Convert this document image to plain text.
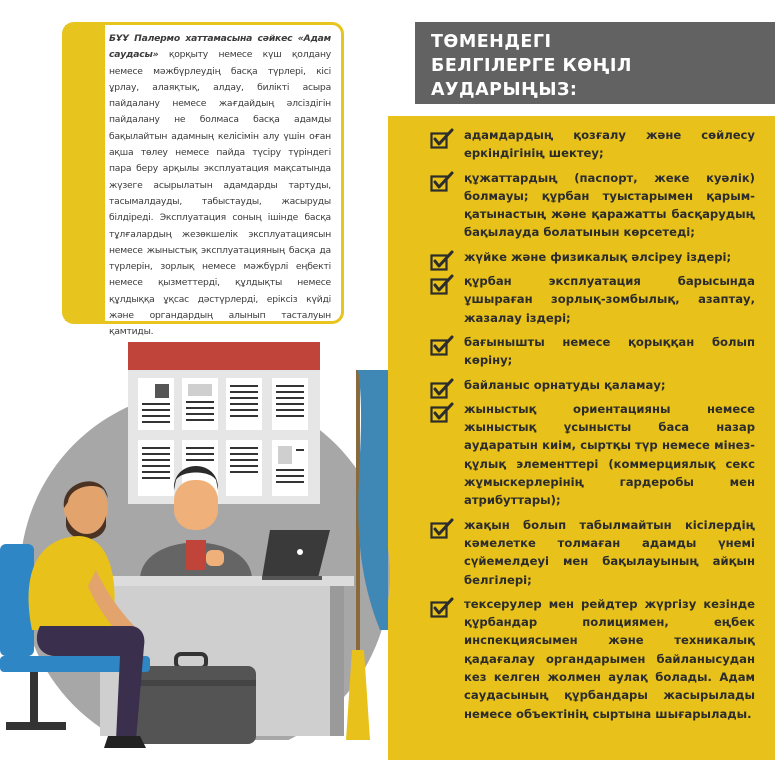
БҰҰ Палермо хаттамасына сәйкес «Адам саудасы» қорқыту немесе күш қолдану немесе мәжбүрлеудің басқа түрлері, кісі ұрлау, алаяқтық, алдау, билікті асыра пайдалану немесе жағдайдың әлсіздігін пайдалану не болмаса басқа адамды бақылайтын адамның келісімін алу үшін оған ақша төлеу немесе пайда түсіру түріндегі пара беру арқылы эксплуатация мақсатында жүзеге асырылатын адамдарды тартуды, тасымалдауды, табыстауды, жасыруды білдіреді. Эксплуатация соның ішінде басқа тұлғалардың жезөкшелік эксплуатациясын немесе жыныстық эксплуатацияның басқа да түрлерін, зорлық немесе мәжбүрлі еңбекті немесе қызметтерді, құлдықты немесе құлдыққа ұқсас дәстүрлерді, еріксіз күйді және органдардың алынып тасталуын қамтиды.

ТӨМЕНДЕГІ
БЕЛГІЛЕРГЕ КӨҢІЛ
АУДАРЫҢЫЗ:
адамдардың қозғалу және сөйлесу еркіндігінің шектеу;
құжаттардың (паспорт, жеке куәлік) болмауы; құрбан туыстарымен қарым-қатынастың және қаражатты басқарудың бақылауда болатынын көрсетеді;
жүйке және физикалық әлсіреу іздері;
құрбан эксплуатация барысында ұшыраған зорлық-зомбылық, азаптау, жазалау іздері;
бағынышты немесе қорыққан болып көріну;
байланыс орнатуды қаламау;
жыныстық ориентацияны немесе жыныстық ұсынысты баса назар аударатын киім, сыртқы түр немесе мінез-құлық элементтері (коммерциялық секс жұмыскерлерінің гардеробы мен атрибуттары);
жақын болып табылмайтын кісілердің кәмелетке толмаған адамды үнемі сүйемелдеуі мен бақылауының айқын белгілері;
тексерулер мен рейдтер жүргізу кезінде құрбандар полициямен, еңбек инспекциясымен және техникалық қадағалау органдарымен байланысудан кез келген жолмен аулақ болады. Адам саудасының құрбандары жасырылады немесе объектінің сыртына шығарылады.
